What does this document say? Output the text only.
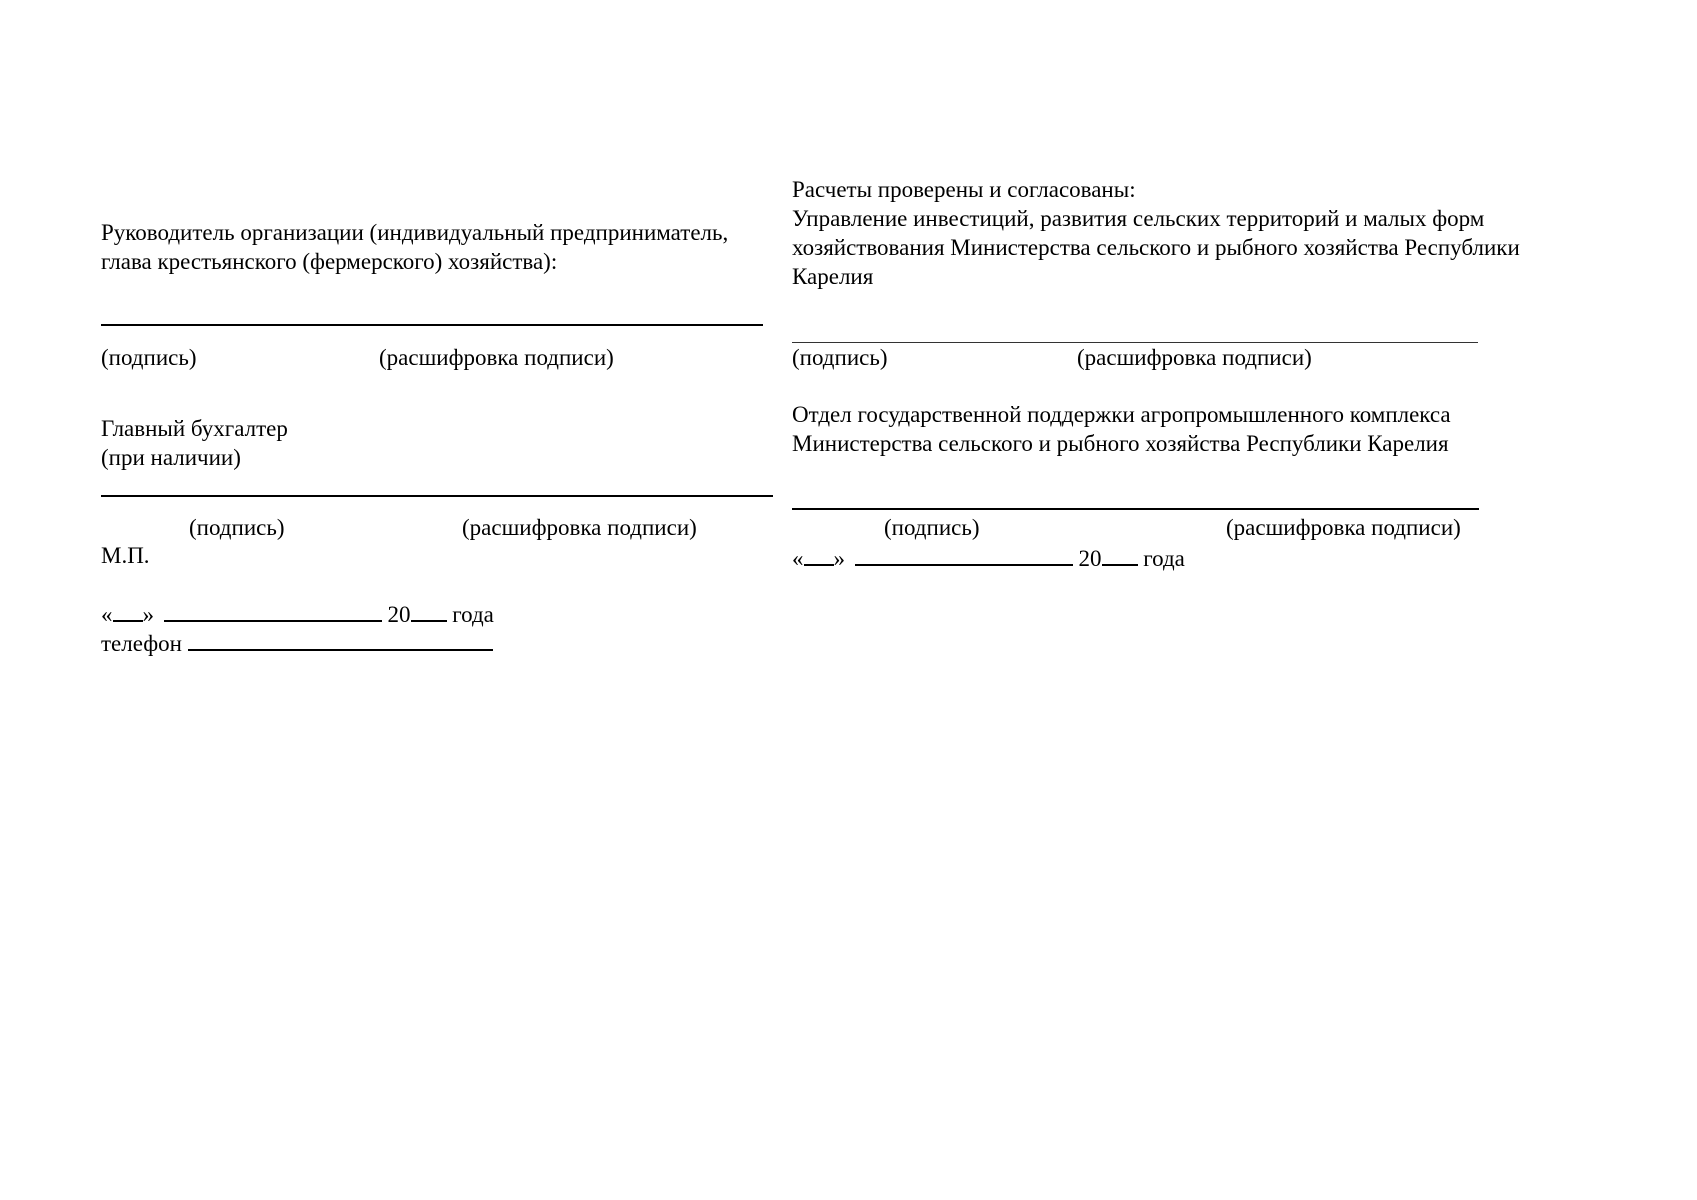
Руководитель организации (индивидуальный предприниматель,
глава крестьянского (фермерского) хозяйства):
(подпись)	(расшифровка подписи)
Главный бухгалтер
(при наличии)
(подпись)	(расшифровка подписи)
М.П.
« »	20 года
телефон
Расчеты проверены и согласованы:
Управление инвестиций, развития сельских территорий и малых форм
хозяйствования Министерства сельского и рыбного хозяйства Республики
Карелия
(подпись)	(расшифровка подписи)
Отдел государственной поддержки агропромышленного комплекса
Министерства сельского и рыбного хозяйства Республики Карелия
(подпись)	(расшифровка подписи)
« »	20 года
